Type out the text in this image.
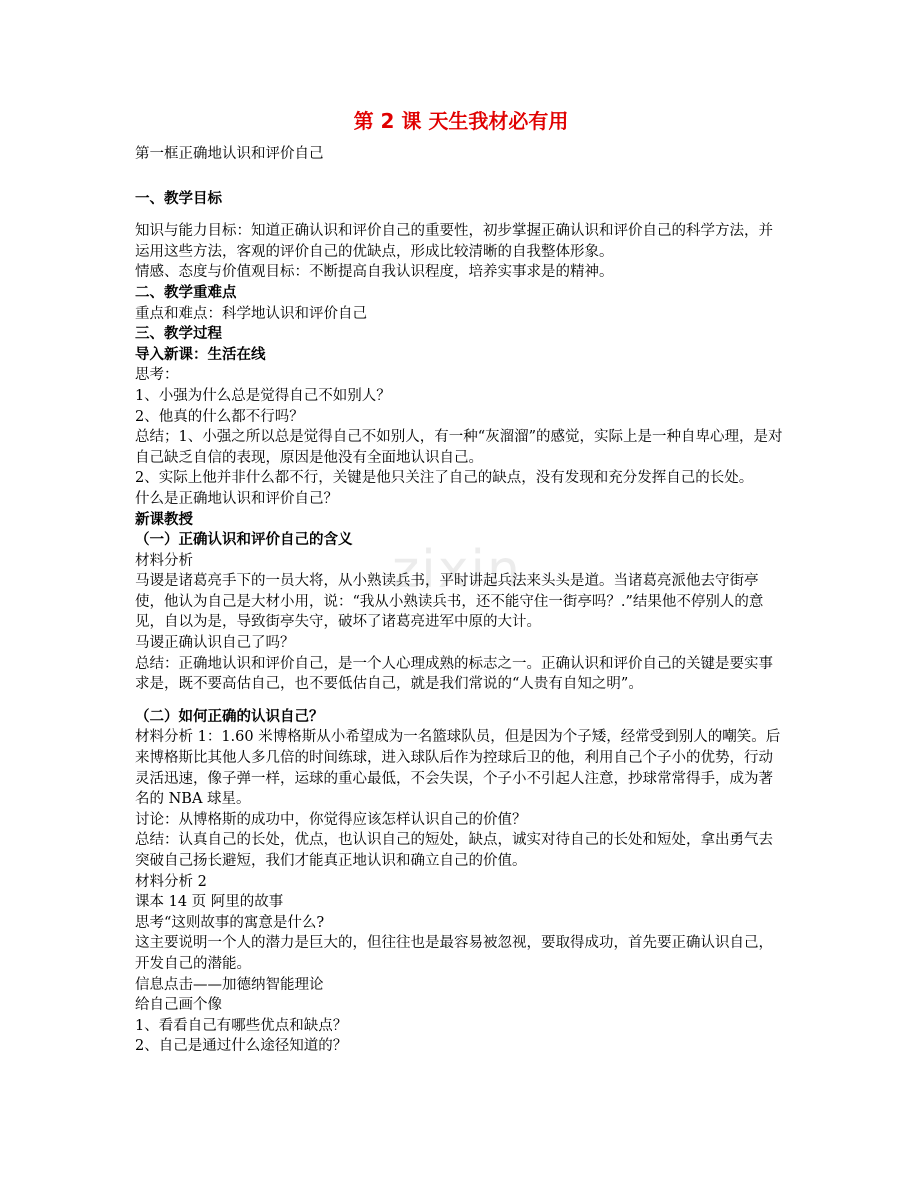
zixin
第 2 课 天生我材必有用

第一框正确地认识和评价自己

一、教学目标

知识与能力目标：知道正确认识和评价自己的重要性，初步掌握正确认识和评价自己的科学方法，并运用这些方法，客观的评价自己的优缺点，形成比较清晰的自我整体形象。

情感、态度与价值观目标：不断提高自我认识程度，培养实事求是的精神。

二、教学重难点

重点和难点：科学地认识和评价自己

三、教学过程

导入新课：生活在线

思考：

1、小强为什么总是觉得自己不如别人？

2、他真的什么都不行吗？

总结；1、小强之所以总是觉得自己不如别人，有一种“灰溜溜”的感觉，实际上是一种自卑心理，是对自己缺乏自信的表现，原因是他没有全面地认识自己。

2、实际上他并非什么都不行，关键是他只关注了自己的缺点，没有发现和充分发挥自己的长处。

什么是正确地认识和评价自己？

新课教授

（一）正确认识和评价自己的含义

材料分析

马谡是诸葛亮手下的一员大将，从小熟读兵书，平时讲起兵法来头头是道。当诸葛亮派他去守街亭使，他认为自己是大材小用，说：“我从小熟读兵书，还不能守住一街亭吗？.”结果他不停别人的意见，自以为是，导致街亭失守，破坏了诸葛亮进军中原的大计。

马谡正确认识自己了吗？

总结：正确地认识和评价自己，是一个人心理成熟的标志之一。正确认识和评价自己的关键是要实事求是，既不要高估自己，也不要低估自己，就是我们常说的“人贵有自知之明”。

（二）如何正确的认识自己？

材料分析 1：1.60 米博格斯从小希望成为一名篮球队员，但是因为个子矮，经常受到别人的嘲笑。后来博格斯比其他人多几倍的时间练球，进入球队后作为控球后卫的他，利用自己个子小的优势，行动灵活迅速，像子弹一样，运球的重心最低，不会失误，个子小不引起人注意，抄球常常得手，成为著名的 NBA 球星。

讨论：从博格斯的成功中，你觉得应该怎样认识自己的价值？

总结：认真自己的长处，优点，也认识自己的短处，缺点，诚实对待自己的长处和短处，拿出勇气去突破自己扬长避短，我们才能真正地认识和确立自己的价值。

材料分析 2

课本 14 页 阿里的故事

思考“这则故事的寓意是什么?

这主要说明一个人的潜力是巨大的，但往往也是最容易被忽视，要取得成功，首先要正确认识自己，开发自己的潜能。

信息点击——加德纳智能理论

给自己画个像

1、看看自己有哪些优点和缺点？

2、自己是通过什么途径知道的？
